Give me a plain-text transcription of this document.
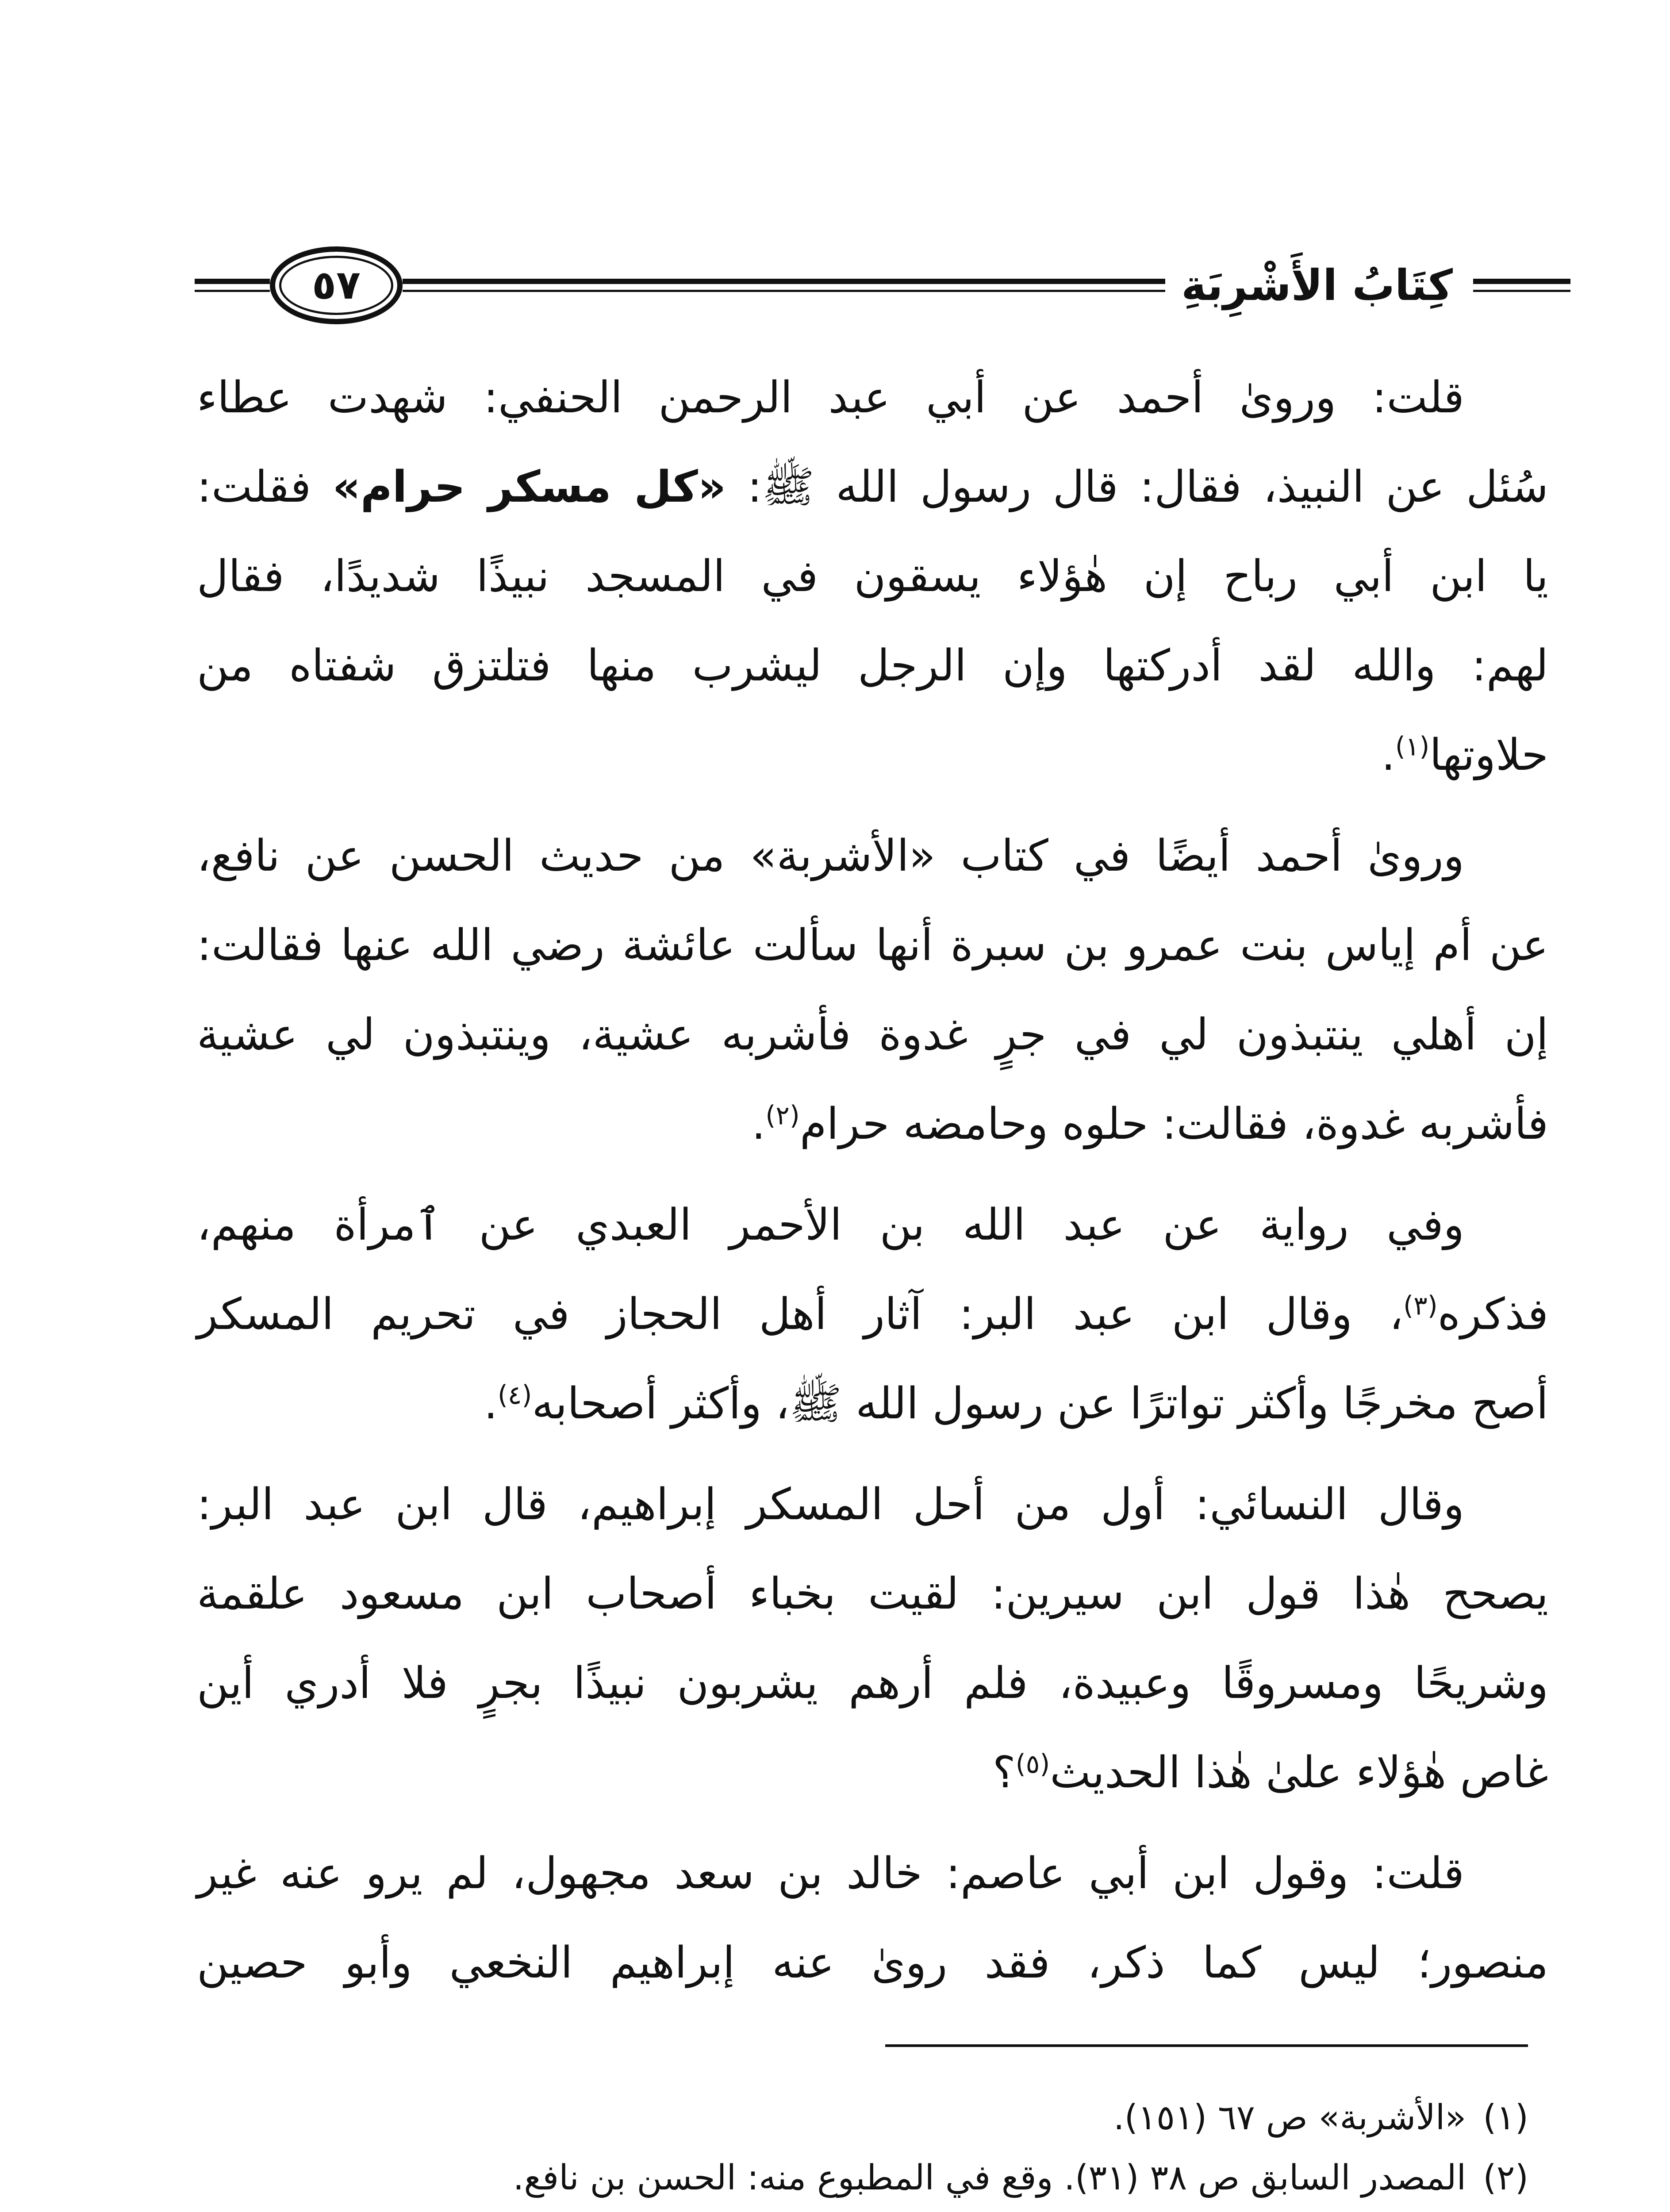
كِتَابُ الأَشْرِبَةِ
٥٧
قلت: وروىٰ أحمد عن أبي عبد الرحمن الحنفي: شهدت عطاء
سُئل عن النبيذ، فقال: قال رسول الله ﷺ: «كل مسكر حرام» فقلت:
يا ابن أبي رباح إن هٰؤلاء يسقون في المسجد نبيذًا شديدًا، فقال
لهم: والله لقد أدركتها وإن الرجل ليشرب منها فتلتزق شفتاه من
حلاوتها$^{(١)}$.
وروىٰ أحمد أيضًا في كتاب «الأشربة» من حديث الحسن عن نافع،
عن أم إياس بنت عمرو بن سبرة أنها سألت عائشة رضي الله عنها فقالت:
إن أهلي ينتبذون لي في جرٍ غدوة فأشربه عشية، وينتبذون لي عشية
فأشربه غدوة، فقالت: حلوه وحامضه حرام$^{(٢)}$.
وفي رواية عن عبد الله بن الأحمر العبدي عن ٱمرأة منهم،
فذكره$^{(٣)}$، وقال ابن عبد البر: آثار أهل الحجاز في تحريم المسكر
أصح مخرجًا وأكثر تواترًا عن رسول الله ﷺ، وأكثر أصحابه$^{(٤)}$.
وقال النسائي: أول من أحل المسكر إبراهيم، قال ابن عبد البر:
يصحح هٰذا قول ابن سيرين: لقيت بخباء أصحاب ابن مسعود علقمة
وشريحًا ومسروقًا وعبيدة، فلم أرهم يشربون نبيذًا بجرٍ فلا أدري أين
غاص هٰؤلاء علىٰ هٰذا الحديث$^{(٥)}$؟
قلت: وقول ابن أبي عاصم: خالد بن سعد مجهول، لم يرو عنه غير
منصور؛ ليس كما ذكر، فقد روىٰ عنه إبراهيم النخعي وأبو حصين
(١)«الأشربة» ص ٦٧ (١٥١).
(٢)المصدر السابق ص ٣٨ (٣١). وقع في المطبوع منه: الحسن بن نافع.
